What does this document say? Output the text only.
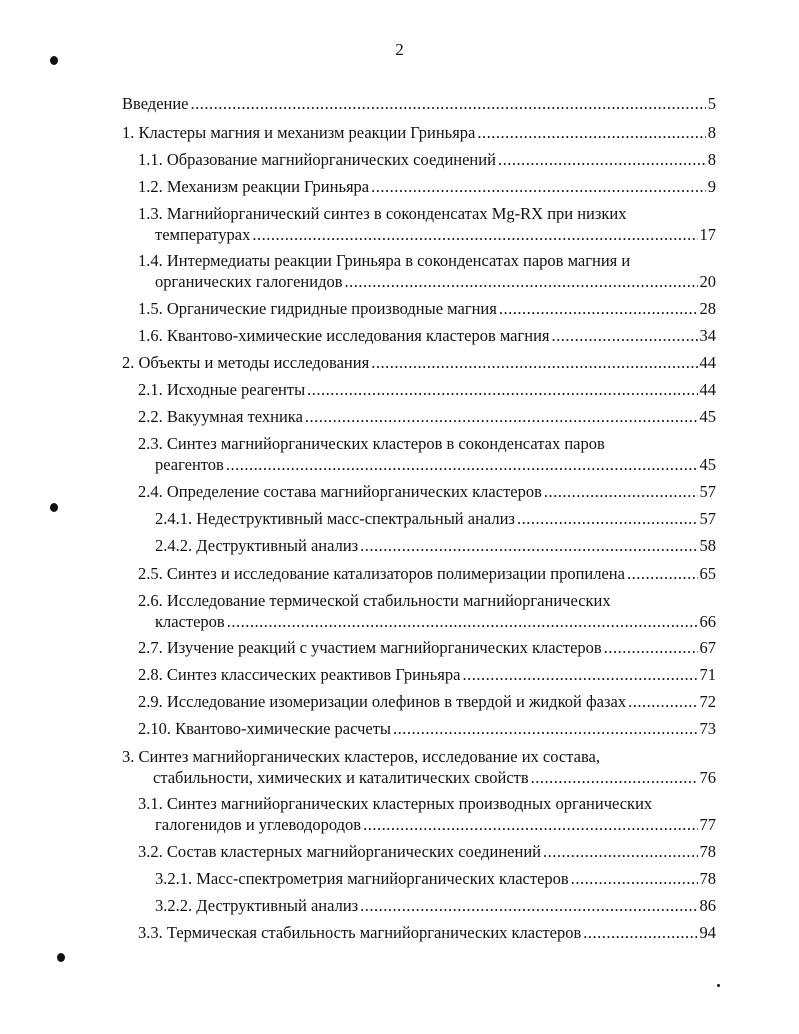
2
Введение .....	5
1. Кластеры магния и механизм реакции Гриньяра .....	8
1.1. Образование магнийорганических соединений .....	8
1.2. Механизм реакции Гриньяра .....	9
1.3. Магнийорганический синтез в соконденсатах Mg-RX при низких
температурах .....	17
1.4. Интермедиаты реакции Гриньяра в соконденсатах паров магния и
органических галогенидов .....	20
1.5. Органические гидридные производные магния .....	28
1.6. Квантово-химические исследования кластеров магния .....	34
2. Объекты и методы исследования .....	44
2.1. Исходные реагенты .....	44
2.2. Вакуумная техника .....	45
2.3. Синтез магнийорганических кластеров в соконденсатах паров
реагентов .....	45
2.4. Определение состава магнийорганических кластеров .....	57
2.4.1. Недеструктивный масс-спектральный анализ .....	57
2.4.2. Деструктивный анализ .....	58
2.5. Синтез и исследование катализаторов полимеризации пропилена .....	65
2.6. Исследование термической стабильности магнийорганических
кластеров .....	66
2.7. Изучение реакций с участием магнийорганических кластеров .....	67
2.8. Синтез классических реактивов Гриньяра .....	71
2.9. Исследование изомеризации олефинов в твердой и жидкой фазах .....	72
2.10. Квантово-химические расчеты .....	73
3. Синтез магнийорганических кластеров, исследование их состава,
стабильности, химических и каталитических свойств .....	76
3.1. Синтез магнийорганических кластерных производных органических
галогенидов и углеводородов .....	77
3.2. Состав кластерных магнийорганических соединений .....	78
3.2.1. Масс-спектрометрия магнийорганических кластеров .....	78
3.2.2. Деструктивный анализ .....	86
3.3. Термическая стабильность магнийорганических кластеров .....	94
